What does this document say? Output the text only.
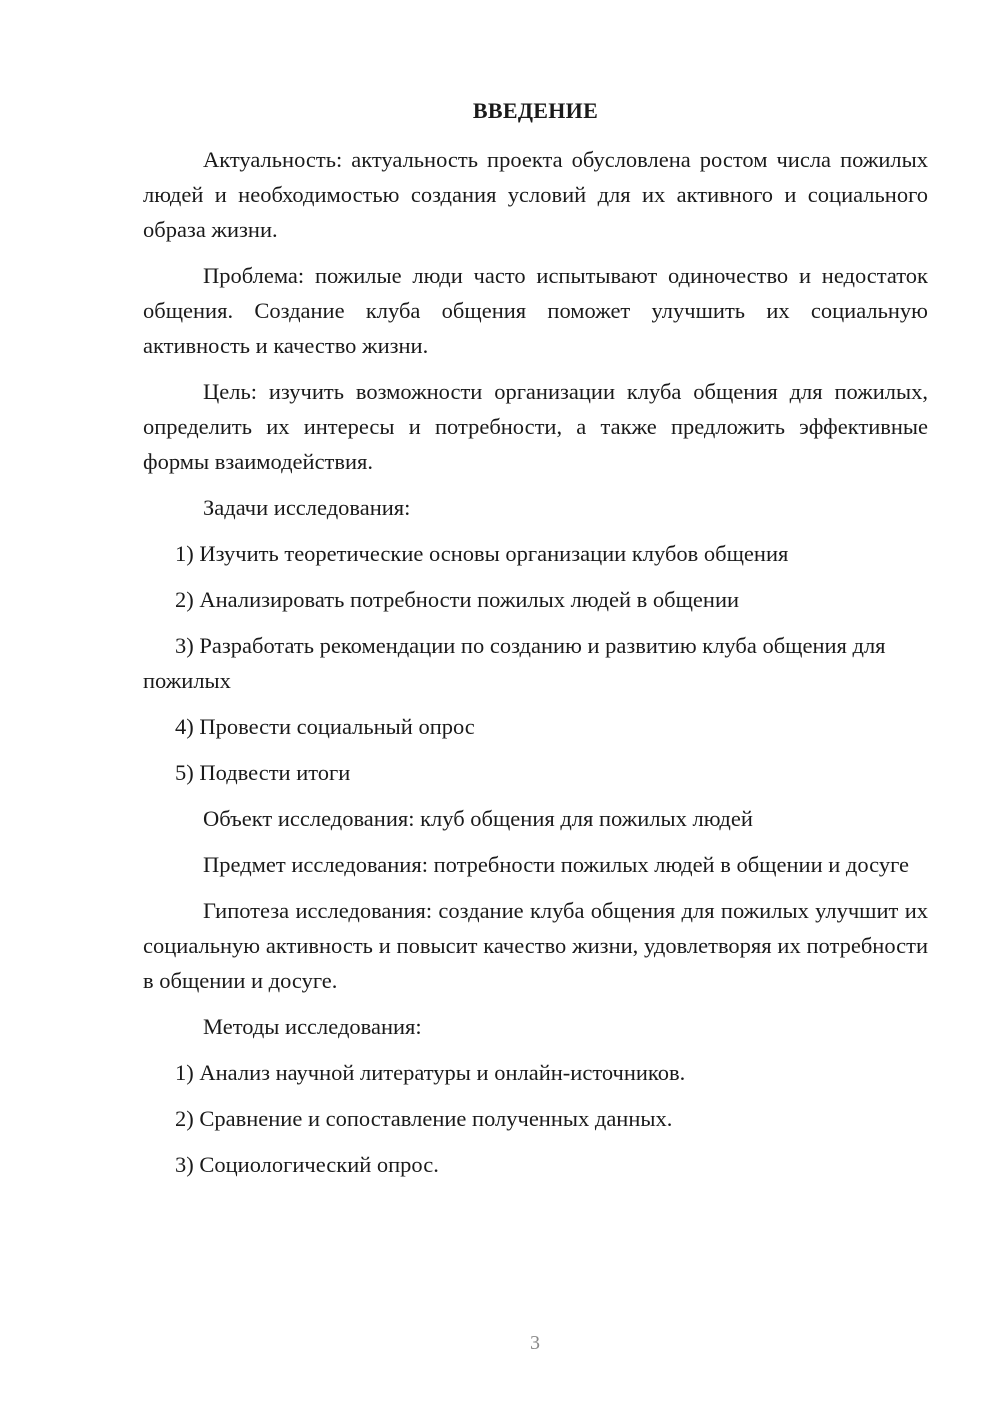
ВВЕДЕНИЕ

Актуальность: актуальность проекта обусловлена ростом числа пожилых людей и необходимостью создания условий для их активного и социального образа жизни.

Проблема: пожилые люди часто испытывают одиночество и недостаток общения. Создание клуба общения поможет улучшить их социальную активность и качество жизни.

Цель: изучить возможности организации клуба общения для пожилых, определить их интересы и потребности, а также предложить эффективные формы взаимодействия.

Задачи исследования:

1) Изучить теоретические основы организации клубов общения

2) Анализировать потребности пожилых людей в общении

3) Разработать рекомендации по созданию и развитию клуба общения для пожилых

4) Провести социальный опрос

5) Подвести итоги

Объект исследования: клуб общения для пожилых людей

Предмет исследования: потребности пожилых людей в общении и досуге

Гипотеза исследования: создание клуба общения для пожилых улучшит их социальную активность и повысит качество жизни, удовлетворяя их потребности в общении и досуге.

Методы исследования:

1) Анализ научной литературы и онлайн-источников.

2) Сравнение и сопоставление полученных данных.

3) Социологический опрос.

3
